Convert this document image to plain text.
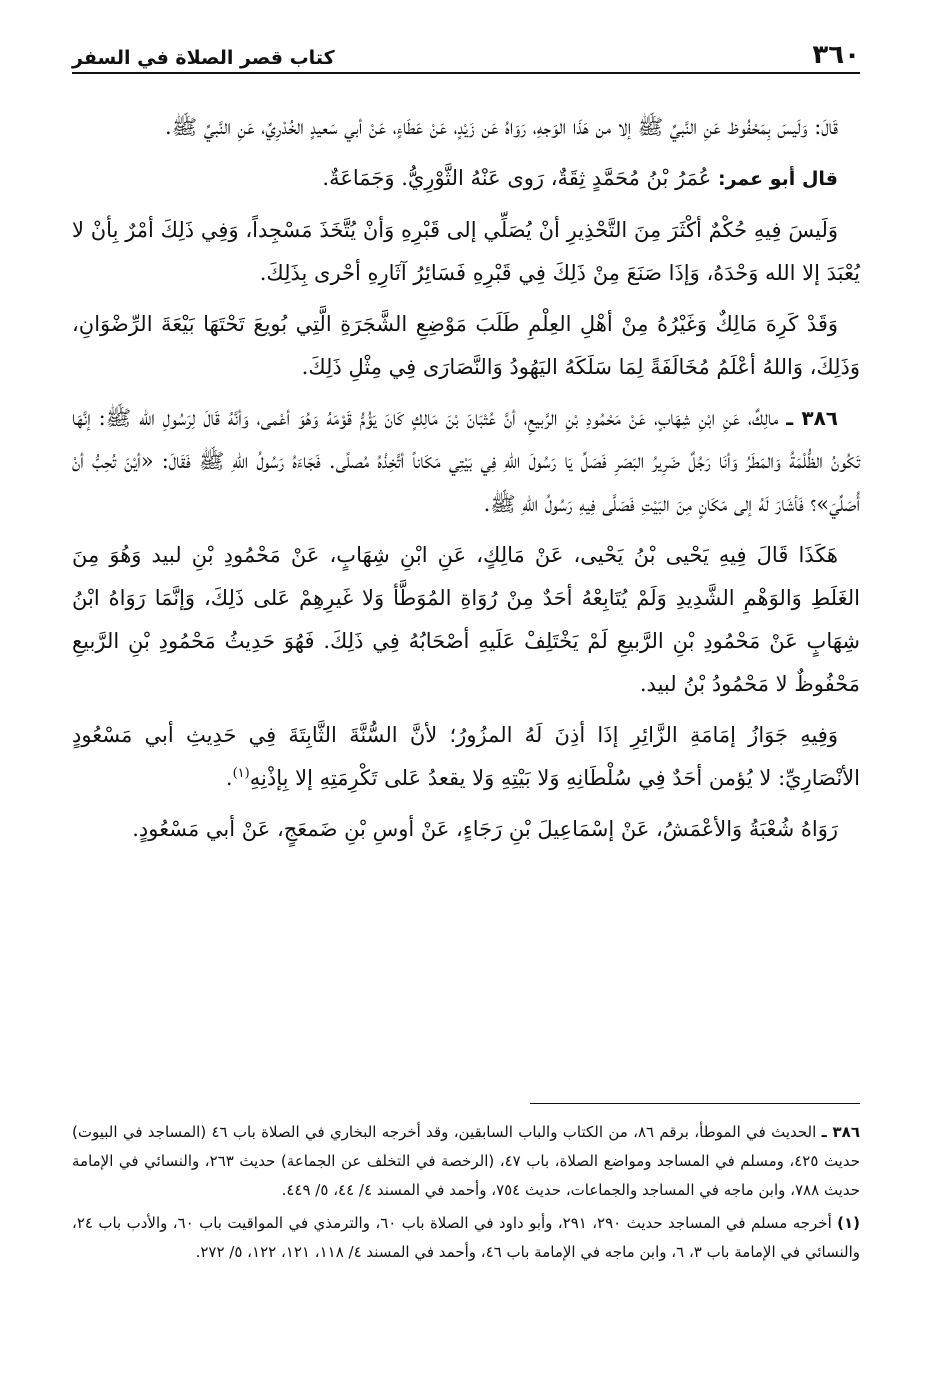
٣٦٠
كتاب قصر الصلاة في السفر

قَالَ: وَلَيسَ بِمَحْفُوظ عَنِ النَّبيِّ ﷺ إلا من هَذَا الوَجهِ، رَوَاهُ عَن زَيْدٍ، عَنْ عَطَاءٍ، عَنْ أبي سَعيدٍ الخُدْرِيِّ، عَنِ النَّبيِّ ﷺ.

قال أبو عمر: عُمَرُ بْنُ مُحَمَّدٍ ثِقَةٌ، رَوى عَنْهُ الثَّوْرِيُّ. وَجَمَاعَةٌ.

وَلَيسَ فِيهِ حُكْمٌ أكْثَرَ مِنَ التَّحْذِيرِ أنْ يُصَلِّي إلى قَبْرِهِ وَأنْ يُتَّخَذَ مَسْجِداً، وَفِي ذَلِكَ أمْرٌ بِأنْ لا يُعْبَدَ إلا الله وَحْدَهُ، وَإذَا صَنَعَ مِنْ ذَلِكَ فِي قَبْرِهِ فَسَائِرُ آثَارِهِ أحْرى بِذَلِكَ.

وَقَدْ كَرِهَ مَالِكٌ وَغَيْرُهُ مِنْ أهْلِ العِلْمِ طَلَبَ مَوْضِعِ الشَّجَرَةِ الَّتِي بُويعَ تَحْتَهَا بَيْعَةَ الرِّضْوَانِ، وَذَلِكَ، وَاللهُ أعْلَمُ مُخَالَفَةً لِمَا سَلَكَهُ اليَهُودُ وَالنَّصَارَى فِي مِثْلِ ذَلِكَ.

٣٨٦ ـ مالِكٌ، عَنِ ابْنِ شِهَابٍ، عَنْ مَحْمُودِ بْنِ الرَّبيعِ، أنَّ عُتْبَانَ بْنَ مَالِكٍ كَانَ يَؤُمُّ قَوْمَهُ وَهُوَ أعْمى، وَأنَّهُ قَالَ لِرَسُولِ الله ﷺ: إنَّهَا تَكُونُ الظُّلْمَةُ وَالمَطَرُ وَأنَا رَجُلٌ ضَرِيرُ البَصَرِ فَصَلِّ يَا رَسُولَ اللهِ فِي بَيْتِي مَكَاناً أتَّخِذْهُ مُصلًى. فَجَاءَهُ رَسُولُ اللهِ ﷺ فَقَالَ: «أيْنَ تُحِبُّ أنْ أُصَلِّيَ»؟ فَأشَارَ لَهُ إلى مَكَانٍ مِنَ البَيْتِ فَصَلَّى فِيهِ رَسُولُ اللهِ ﷺ.

هَكَذَا قَالَ فِيهِ يَحْيى بْنُ يَحْيى، عَنْ مَالِكٍ، عَنِ ابْنِ شِهَابٍ، عَنْ مَحْمُودِ بْنِ لبيد وَهُوَ مِنَ الغَلَطِ وَالوَهْمِ الشَّدِيدِ وَلَمْ يُتَابِعْهُ أحَدٌ مِنْ رُوَاةِ المُوَطَّأ وَلا غَيرِهِمْ عَلى ذَلِكَ، وَإنَّمَا رَوَاهُ ابْنُ شِهَابٍ عَنْ مَحْمُودِ بْنِ الرَّبيعِ لَمْ يَخْتَلِفْ عَلَيهِ أصْحَابُهُ فِي ذَلِكَ. فَهُوَ حَدِيثُ مَحْمُودِ بْنِ الرَّبيعِ مَحْفُوظٌ لا مَحْمُودُ بْنُ لبيد.

وَفِيهِ جَوَازُ إمَامَةِ الزَّائِرِ إذَا أذِنَ لَهُ المزُورُ؛ لأنَّ السُّنَّةَ الثَّابِتَةَ فِي حَدِيثِ أبي مَسْعُودٍ الأنْصَارِيِّ: لا يُؤمن أحَدٌ فِي سُلْطَانِهِ وَلا بَيْتِهِ وَلا يقعدُ عَلى تَكْرِمَتِهِ إلا بِإذْنِهِ$^{(١)}$.

رَوَاهُ شُعْبَةُ وَالأعْمَشُ، عَنْ إسْمَاعِيلَ بْنِ رَجَاءٍ، عَنْ أوسِ بْنِ ضَمعَجٍ، عَنْ أبي مَسْعُودٍ.

٣٨٦ ـ الحديث في الموطأ، برقم ٨٦، من الكتاب والباب السابقين، وقد أخرجه البخاري في الصلاة باب ٤٦ (المساجد في البيوت) حديث ٤٢٥، ومسلم في المساجد ومواضع الصلاة، باب ٤٧، (الرخصة في التخلف عن الجماعة) حديث ٢٦٣، والنسائي في الإمامة حديث ٧٨٨، وابن ماجه في المساجد والجماعات، حديث ٧٥٤، وأحمد في المسند ٤/ ٤٤، ٥/ ٤٤٩.

(١) أخرجه مسلم في المساجد حديث ٢٩٠، ٢٩١، وأبو داود في الصلاة باب ٦٠، والترمذي في المواقيت باب ٦٠، والأدب باب ٢٤، والنسائي في الإمامة باب ٣، ٦، وابن ماجه في الإمامة باب ٤٦، وأحمد في المسند ٤/ ١١٨، ١٢١، ١٢٢، ٥/ ٢٧٢.
